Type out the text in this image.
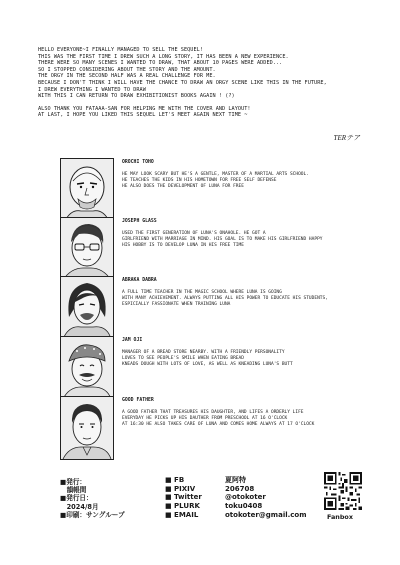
HELLO EVERYONE~I FINALLY MANAGED TO SELL THE SEQUEL!
THIS WAS THE FIRST TIME I DREW SUCH A LONG STORY, IT HAS BEEN A NEW EXPERIENCE.
THERE WERE SO MANY SCENES I WANTED TO DRAW, THAT ABOUT 10 PAGES WERE ADDED...
SO I STOPPED CONSIDERING ABOUT THE STORY AND THE AMOUNT.
THE ORGY IN THE SECOND HALF WAS A REAL CHALLENGE FOR ME.
BECAUSE I DON'T THINK I WILL HAVE THE CHANCE TO DRAW AN ORGY SCENE LIKE THIS IN THE FUTURE,
I DREW EVERYTHING I WANTED TO DRAW
WITH THIS I CAN RETURN TO DRAW EXHIBITIONIST BOOKS AGAIN ! (?)
ALSO THANK YOU FATAAA-SAN FOR HELPING ME WITH THE COVER AND LAYOUT!
AT LAST, I HOPE YOU LIKED THIS SEQUEL LET'S MEET AGAIN NEXT TIME ~
TERテア
OROCHI TOHO
HE MAY LOOK SCARY BUT HE'S A GENTLE, MASTER OF A MARTIAL ARTS SCHOOL.
HE TEACHES THE KIDS IN HIS HOMETOWN FOR FREE SELF DEFENSE
HE ALSO DOES THE DEVELOPMENT OF LUNA FOR FREE
JOSEPH GLASS
USED THE FIRST GENERATION OF LUNA'S ONAHOLE. HE GOT A
GIRLFRIEND WITH MARRIAGE IN MIND. HIS GOAL IS TO MAKE HIS GIRLFRIEND HAPPY
HIS HOBBY IS TO DEVELOP LUNA IN HIS FREE TIME
ABRAKA DABRA
A FULL TIME TEACHER IN THE MAGIC SCHOOL WHERE LUNA IS GOING
WITH MANY ACHIEVEMENT. ALWAYS PUTTING ALL HIS POWER TO EDUCATE HIS STUDENTS,
ESPICIALLY FASSIONATE WHEN TRAINING LUNA
JAM OJI
MANAGER OF A BREAD STORE NEARBY. WITH A FRIENDLY PERSONALITY
LOVES TO SEE PEOPLE'S SMILE WHEN EATING BREAD
KNEADS DOUGH WITH LOTS OF LOVE, AS WELL AS KNEADING LUNA'S BUTT
GOOD FATHER
A GOOD FATHER THAT TREASURES HIS DAUGHTER, AND LIFES A ORDERLY LIFE
EVERYDAY HE PICKS UP HIS DAUTHER FROM PRESCHOOL AT 16 O'CLOCK
AT 16:30 HE ALSO TAKES CARE OF LUNA AND COMES HOME ALWAYS AT 17 O'CLOCK
■発行：
　韻帳間
■発行日：
　2024/8月
■印刷：サングループ
■ FB	夏阿特
■ PIXIV	206708
■ Twitter	@otokoter
■ PLURK	toku0408
■ EMAIL	otokoter@gmail.com	Fanbox
